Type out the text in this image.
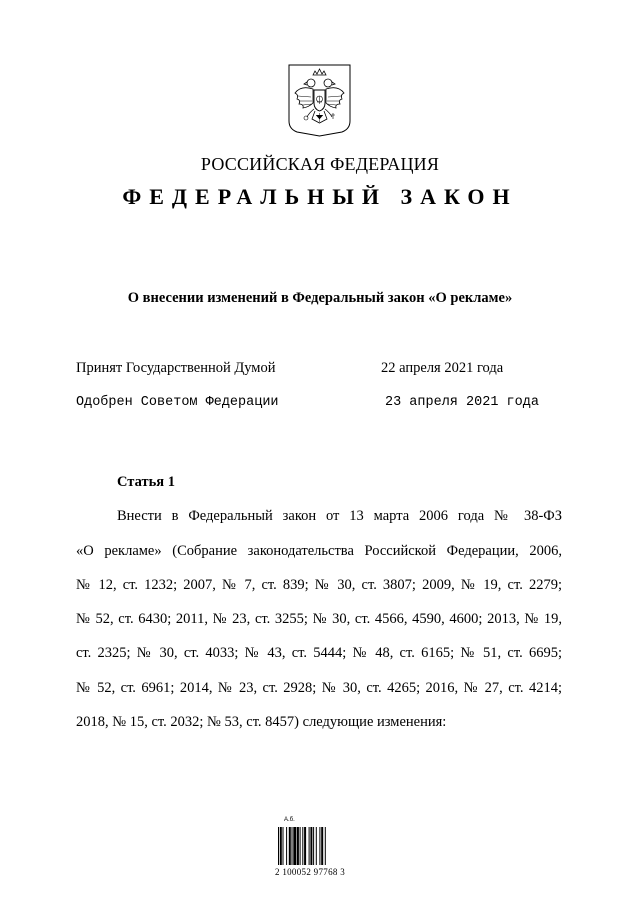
РОССИЙСКАЯ ФЕДЕРАЦИЯ
ФЕДЕРАЛЬНЫЙ ЗАКОН
О внесении изменений в Федеральный закон «О рекламе»
Принят Государственной Думой	22 апреля 2021 года
Одобрен Советом Федерации	23 апреля 2021 года
Статья 1
Внести в Федеральный закон от 13 марта 2006 года № 38-ФЗ
«О рекламе» (Собрание законодательства Российской Федерации, 2006,
№ 12, ст. 1232; 2007, № 7, ст. 839; № 30, ст. 3807; 2009, № 19, ст. 2279;
№ 52, ст. 6430; 2011, № 23, ст. 3255; № 30, ст. 4566, 4590, 4600; 2013, № 19,
ст. 2325; № 30, ст. 4033; № 43, ст. 5444; № 48, ст. 6165; № 51, ст. 6695;
№ 52, ст. 6961; 2014, № 23, ст. 2928; № 30, ст. 4265; 2016, № 27, ст. 4214;
2018, № 15, ст. 2032; № 53, ст. 8457) следующие изменения:
А.б.
2 100052 97768 3
